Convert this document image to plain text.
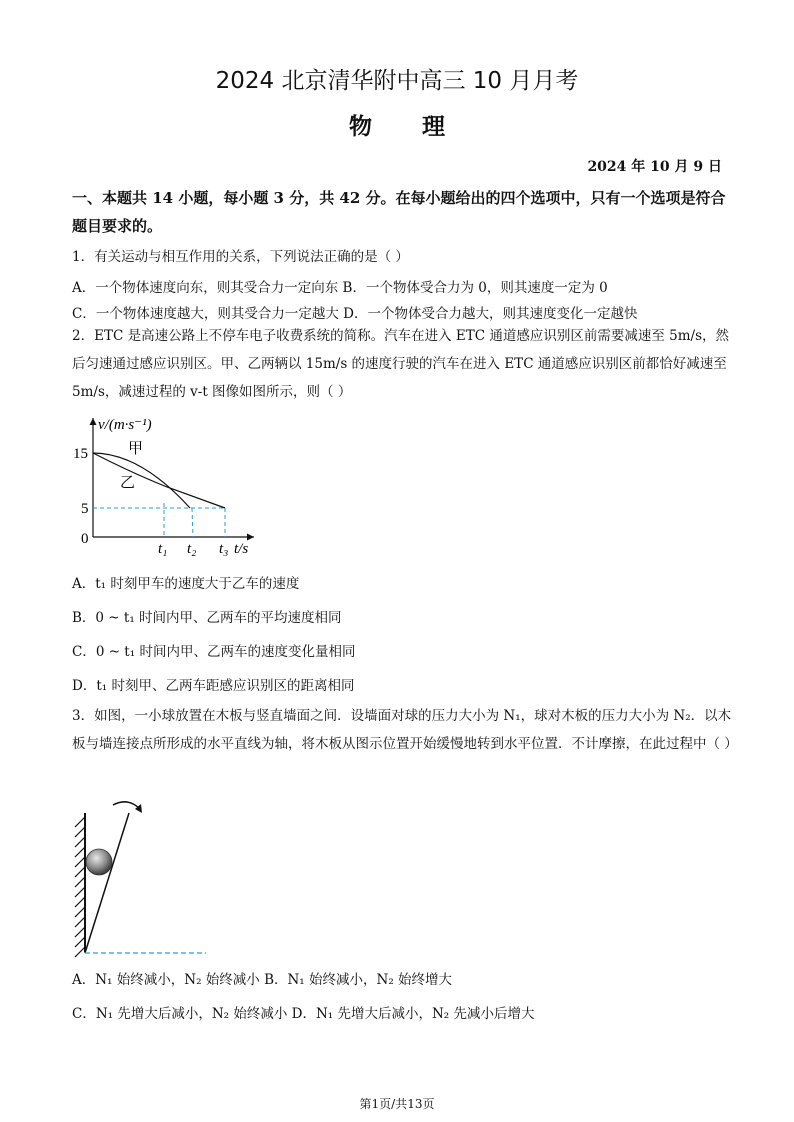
2024 北京清华附中高三 10 月月考
物理
2024 年 10 月 9 日
一、本题共 14 小题，每小题 3 分，共 42 分。在每小题给出的四个选项中，只有一个选项是符合题目要求的。
1．有关运动与相互作用的关系，下列说法正确的是（ ）
A．一个物体速度向东，则其受合力一定向东 B．一个物体受合力为 0，则其速度一定为 0
C．一个物体速度越大，则其受合力一定越大 D．一个物体受合力越大，则其速度变化一定越快
2．ETC 是高速公路上不停车电子收费系统的简称。汽车在进入 ETC 通道感应识别区前需要减速至 5m/s，然后匀速通过感应识别区。甲、乙两辆以 15m/s 的速度行驶的汽车在进入 ETC 通道感应识别区前都恰好减速至 5m/s，减速过程的 v-t 图像如图所示，则（ ）
v/(m·s⁻¹)
15
5
0
甲
乙
t₁ t₂ t₃ t/s
A．t₁ 时刻甲车的速度大于乙车的速度
B．0 ~ t₁ 时间内甲、乙两车的平均速度相同
C．0 ~ t₁ 时间内甲、乙两车的速度变化量相同
D．t₁ 时刻甲、乙两车距感应识别区的距离相同
3．如图，一小球放置在木板与竖直墙面之间．设墙面对球的压力大小为 N₁，球对木板的压力大小为 N₂．以木板与墙连接点所形成的水平直线为轴，将木板从图示位置开始缓慢地转到水平位置．不计摩擦，在此过程中（ ）
A．N₁ 始终减小，N₂ 始终减小 B．N₁ 始终减小，N₂ 始终增大
C．N₁ 先增大后减小，N₂ 始终减小 D．N₁ 先增大后减小，N₂ 先减小后增大
第1页/共13页
